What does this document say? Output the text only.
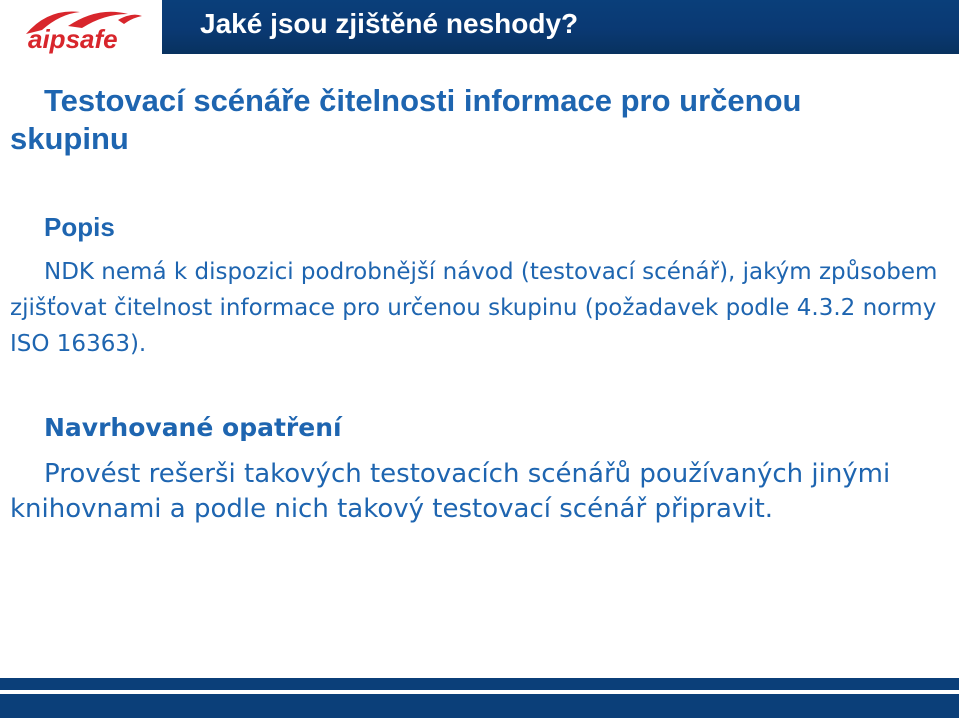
aipsafe	Jaké jsou zjištěné neshody?
Testovací scénáře čitelnosti informace pro určenou skupinu
Popis
NDK nemá k dispozici podrobnější návod (testovací scénář), jakým způsobem zjišťovat čitelnost informace pro určenou skupinu (požadavek podle 4.3.2 normy ISO 16363).
Navrhované opatření
Provést rešerši takových testovacích scénářů používaných jinými knihovnami a podle nich takový testovací scénář připravit.
